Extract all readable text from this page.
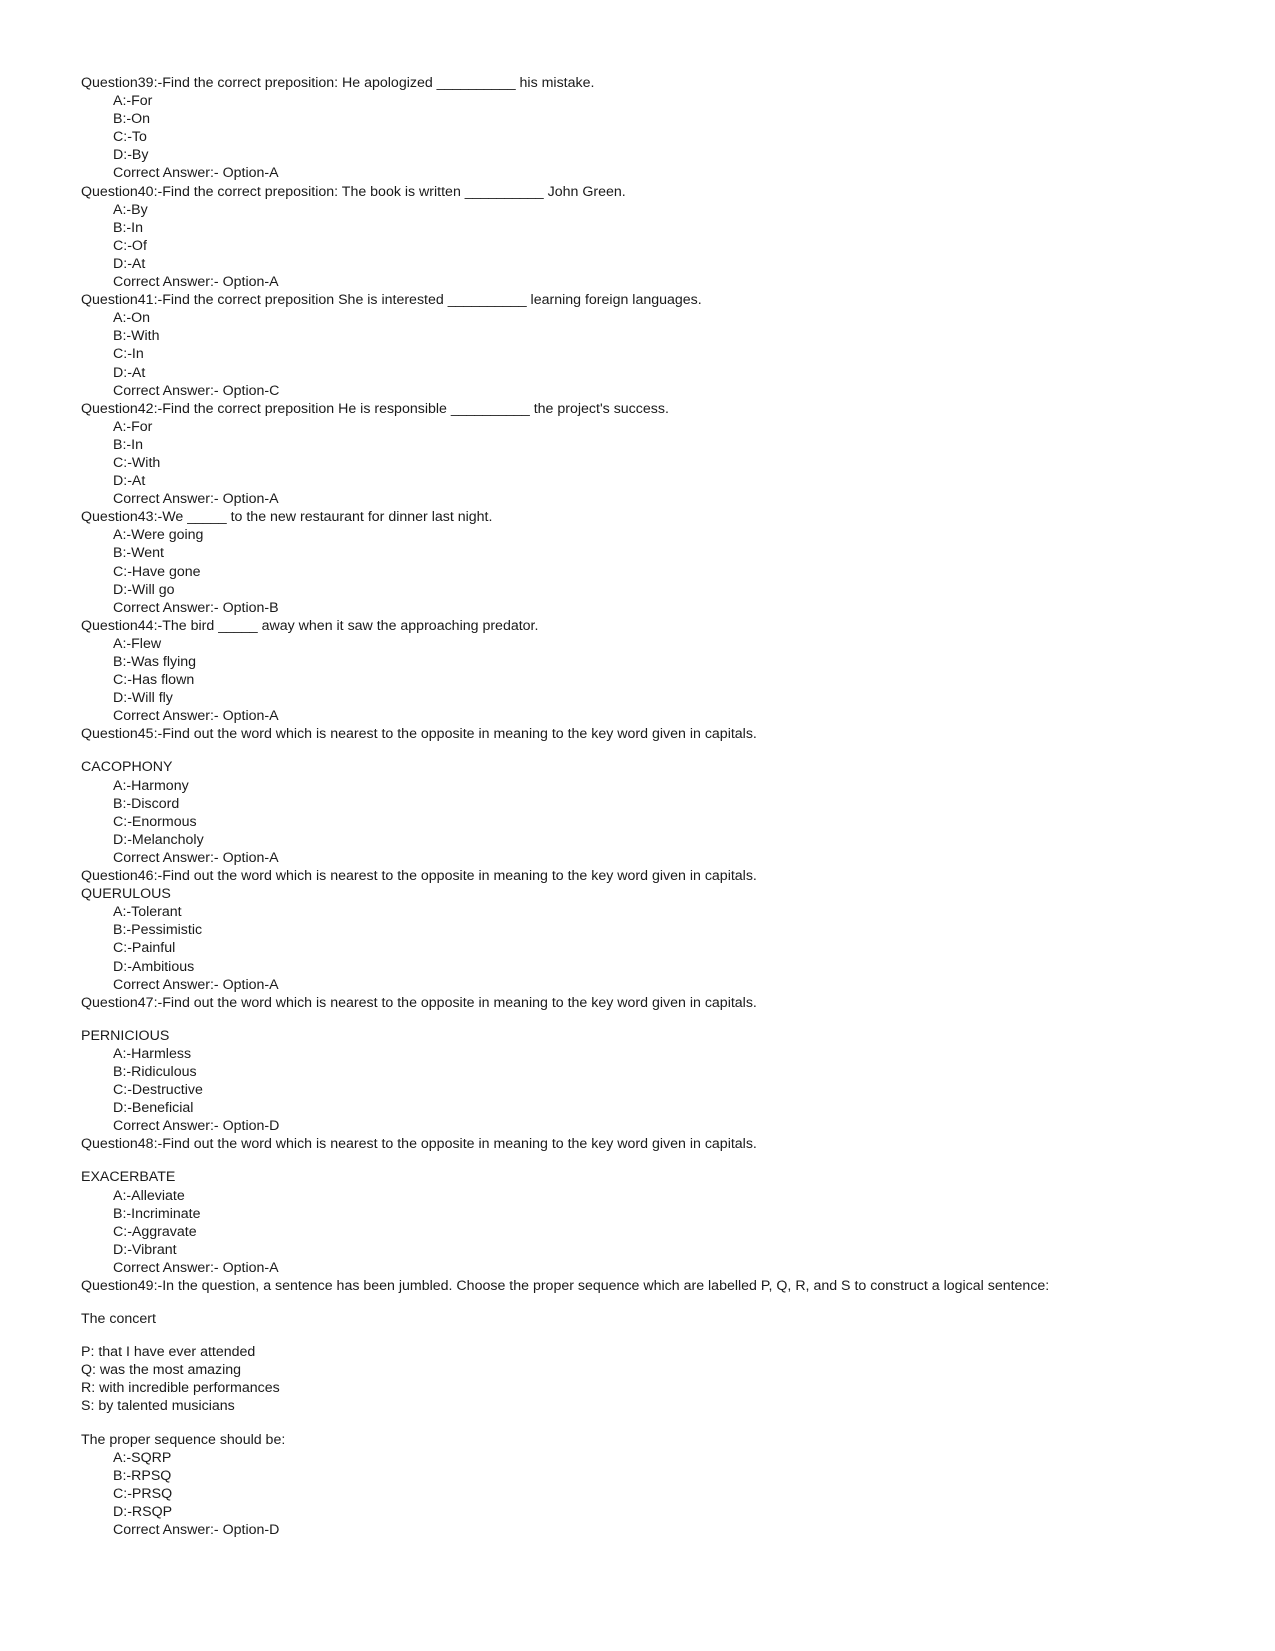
Question39:-Find the correct preposition: He apologized __________ his mistake.

A:-For

B:-On

C:-To

D:-By

Correct Answer:- Option-A

Question40:-Find the correct preposition: The book is written __________ John Green.

A:-By

B:-In

C:-Of

D:-At

Correct Answer:- Option-A

Question41:-Find the correct preposition She is interested __________ learning foreign languages.

A:-On

B:-With

C:-In

D:-At

Correct Answer:- Option-C

Question42:-Find the correct preposition He is responsible __________ the project's success.

A:-For

B:-In

C:-With

D:-At

Correct Answer:- Option-A

Question43:-We _____ to the new restaurant for dinner last night.

A:-Were going

B:-Went

C:-Have gone

D:-Will go

Correct Answer:- Option-B

Question44:-The bird _____ away when it saw the approaching predator.

A:-Flew

B:-Was flying

C:-Has flown

D:-Will fly

Correct Answer:- Option-A

Question45:-Find out the word which is nearest to the opposite in meaning to the key word given in capitals.

CACOPHONY

A:-Harmony

B:-Discord

C:-Enormous

D:-Melancholy

Correct Answer:- Option-A

Question46:-Find out the word which is nearest to the opposite in meaning to the key word given in capitals.

QUERULOUS

A:-Tolerant

B:-Pessimistic

C:-Painful

D:-Ambitious

Correct Answer:- Option-A

Question47:-Find out the word which is nearest to the opposite in meaning to the key word given in capitals.

PERNICIOUS

A:-Harmless

B:-Ridiculous

C:-Destructive

D:-Beneficial

Correct Answer:- Option-D

Question48:-Find out the word which is nearest to the opposite in meaning to the key word given in capitals.

EXACERBATE

A:-Alleviate

B:-Incriminate

C:-Aggravate

D:-Vibrant

Correct Answer:- Option-A

Question49:-In the question, a sentence has been jumbled. Choose the proper sequence which are labelled P, Q, R, and S to construct a logical sentence:

The concert

P: that I have ever attended

Q: was the most amazing

R: with incredible performances

S: by talented musicians

The proper sequence should be:

A:-SQRP

B:-RPSQ

C:-PRSQ

D:-RSQP

Correct Answer:- Option-D
